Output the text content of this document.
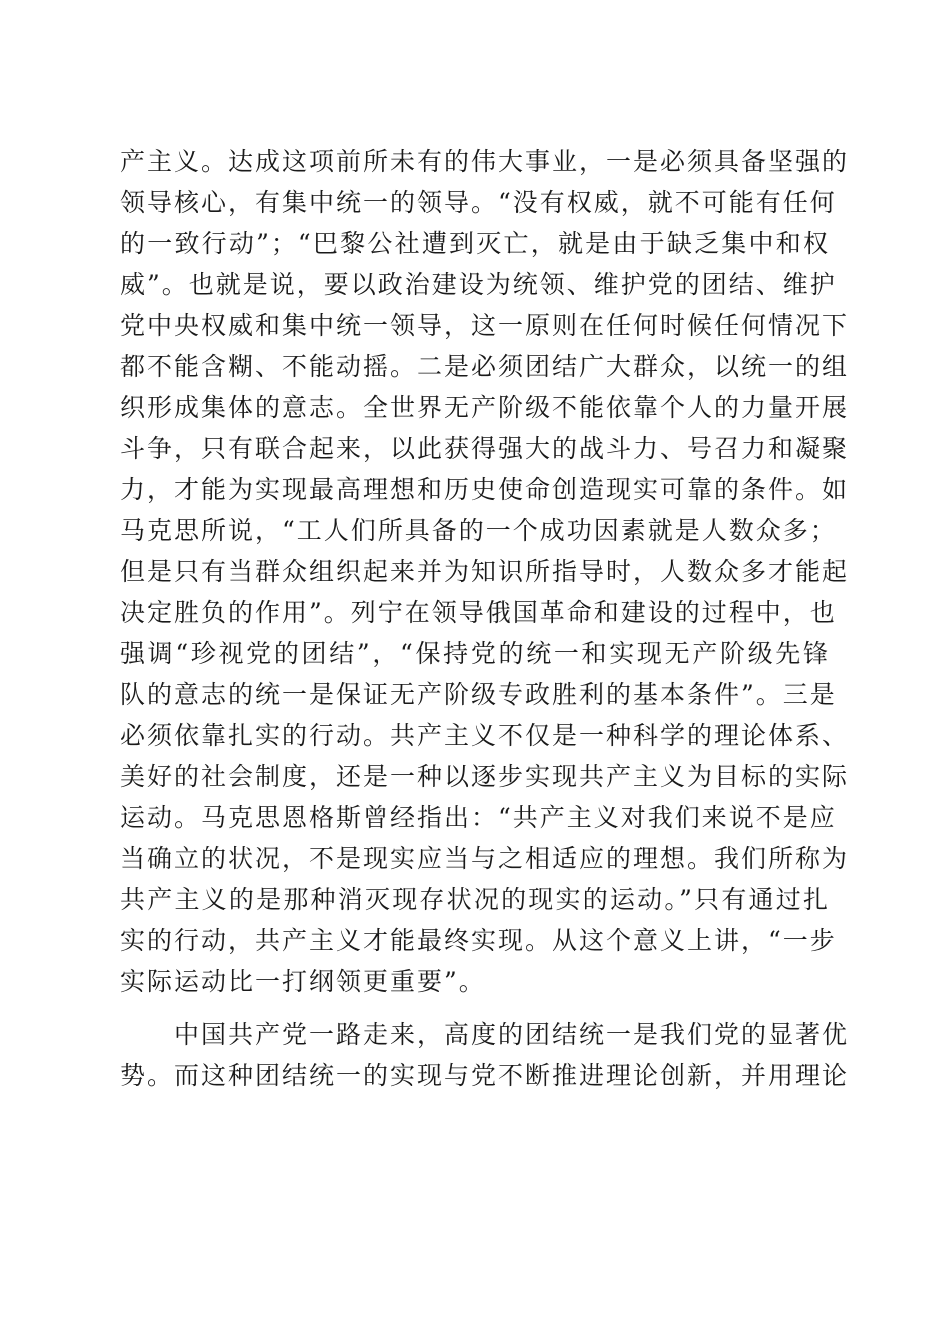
产主义。达成这项前所未有的伟大事业，一是必须具备坚强的
领导核心，有集中统一的领导。“没有权威，就不可能有任何
的一致行动”；“巴黎公社遭到灭亡，就是由于缺乏集中和权
威”。也就是说，要以政治建设为统领、维护党的团结、维护
党中央权威和集中统一领导，这一原则在任何时候任何情况下
都不能含糊、不能动摇。二是必须团结广大群众，以统一的组
织形成集体的意志。全世界无产阶级不能依靠个人的力量开展
斗争，只有联合起来，以此获得强大的战斗力、号召力和凝聚
力，才能为实现最高理想和历史使命创造现实可靠的条件。如
马克思所说，“工人们所具备的一个成功因素就是人数众多；
但是只有当群众组织起来并为知识所指导时，人数众多才能起
决定胜负的作用”。列宁在领导俄国革命和建设的过程中，也
强调“珍视党的团结”，“保持党的统一和实现无产阶级先锋
队的意志的统一是保证无产阶级专政胜利的基本条件”。三是
必须依靠扎实的行动。共产主义不仅是一种科学的理论体系、
美好的社会制度，还是一种以逐步实现共产主义为目标的实际
运动。马克思恩格斯曾经指出：“共产主义对我们来说不是应
当确立的状况，不是现实应当与之相适应的理想。我们所称为
共产主义的是那种消灭现存状况的现实的运动。”只有通过扎
实的行动，共产主义才能最终实现。从这个意义上讲，“一步
实际运动比一打纲领更重要”。
中国共产党一路走来，高度的团结统一是我们党的显著优
势。而这种团结统一的实现与党不断推进理论创新，并用理论
